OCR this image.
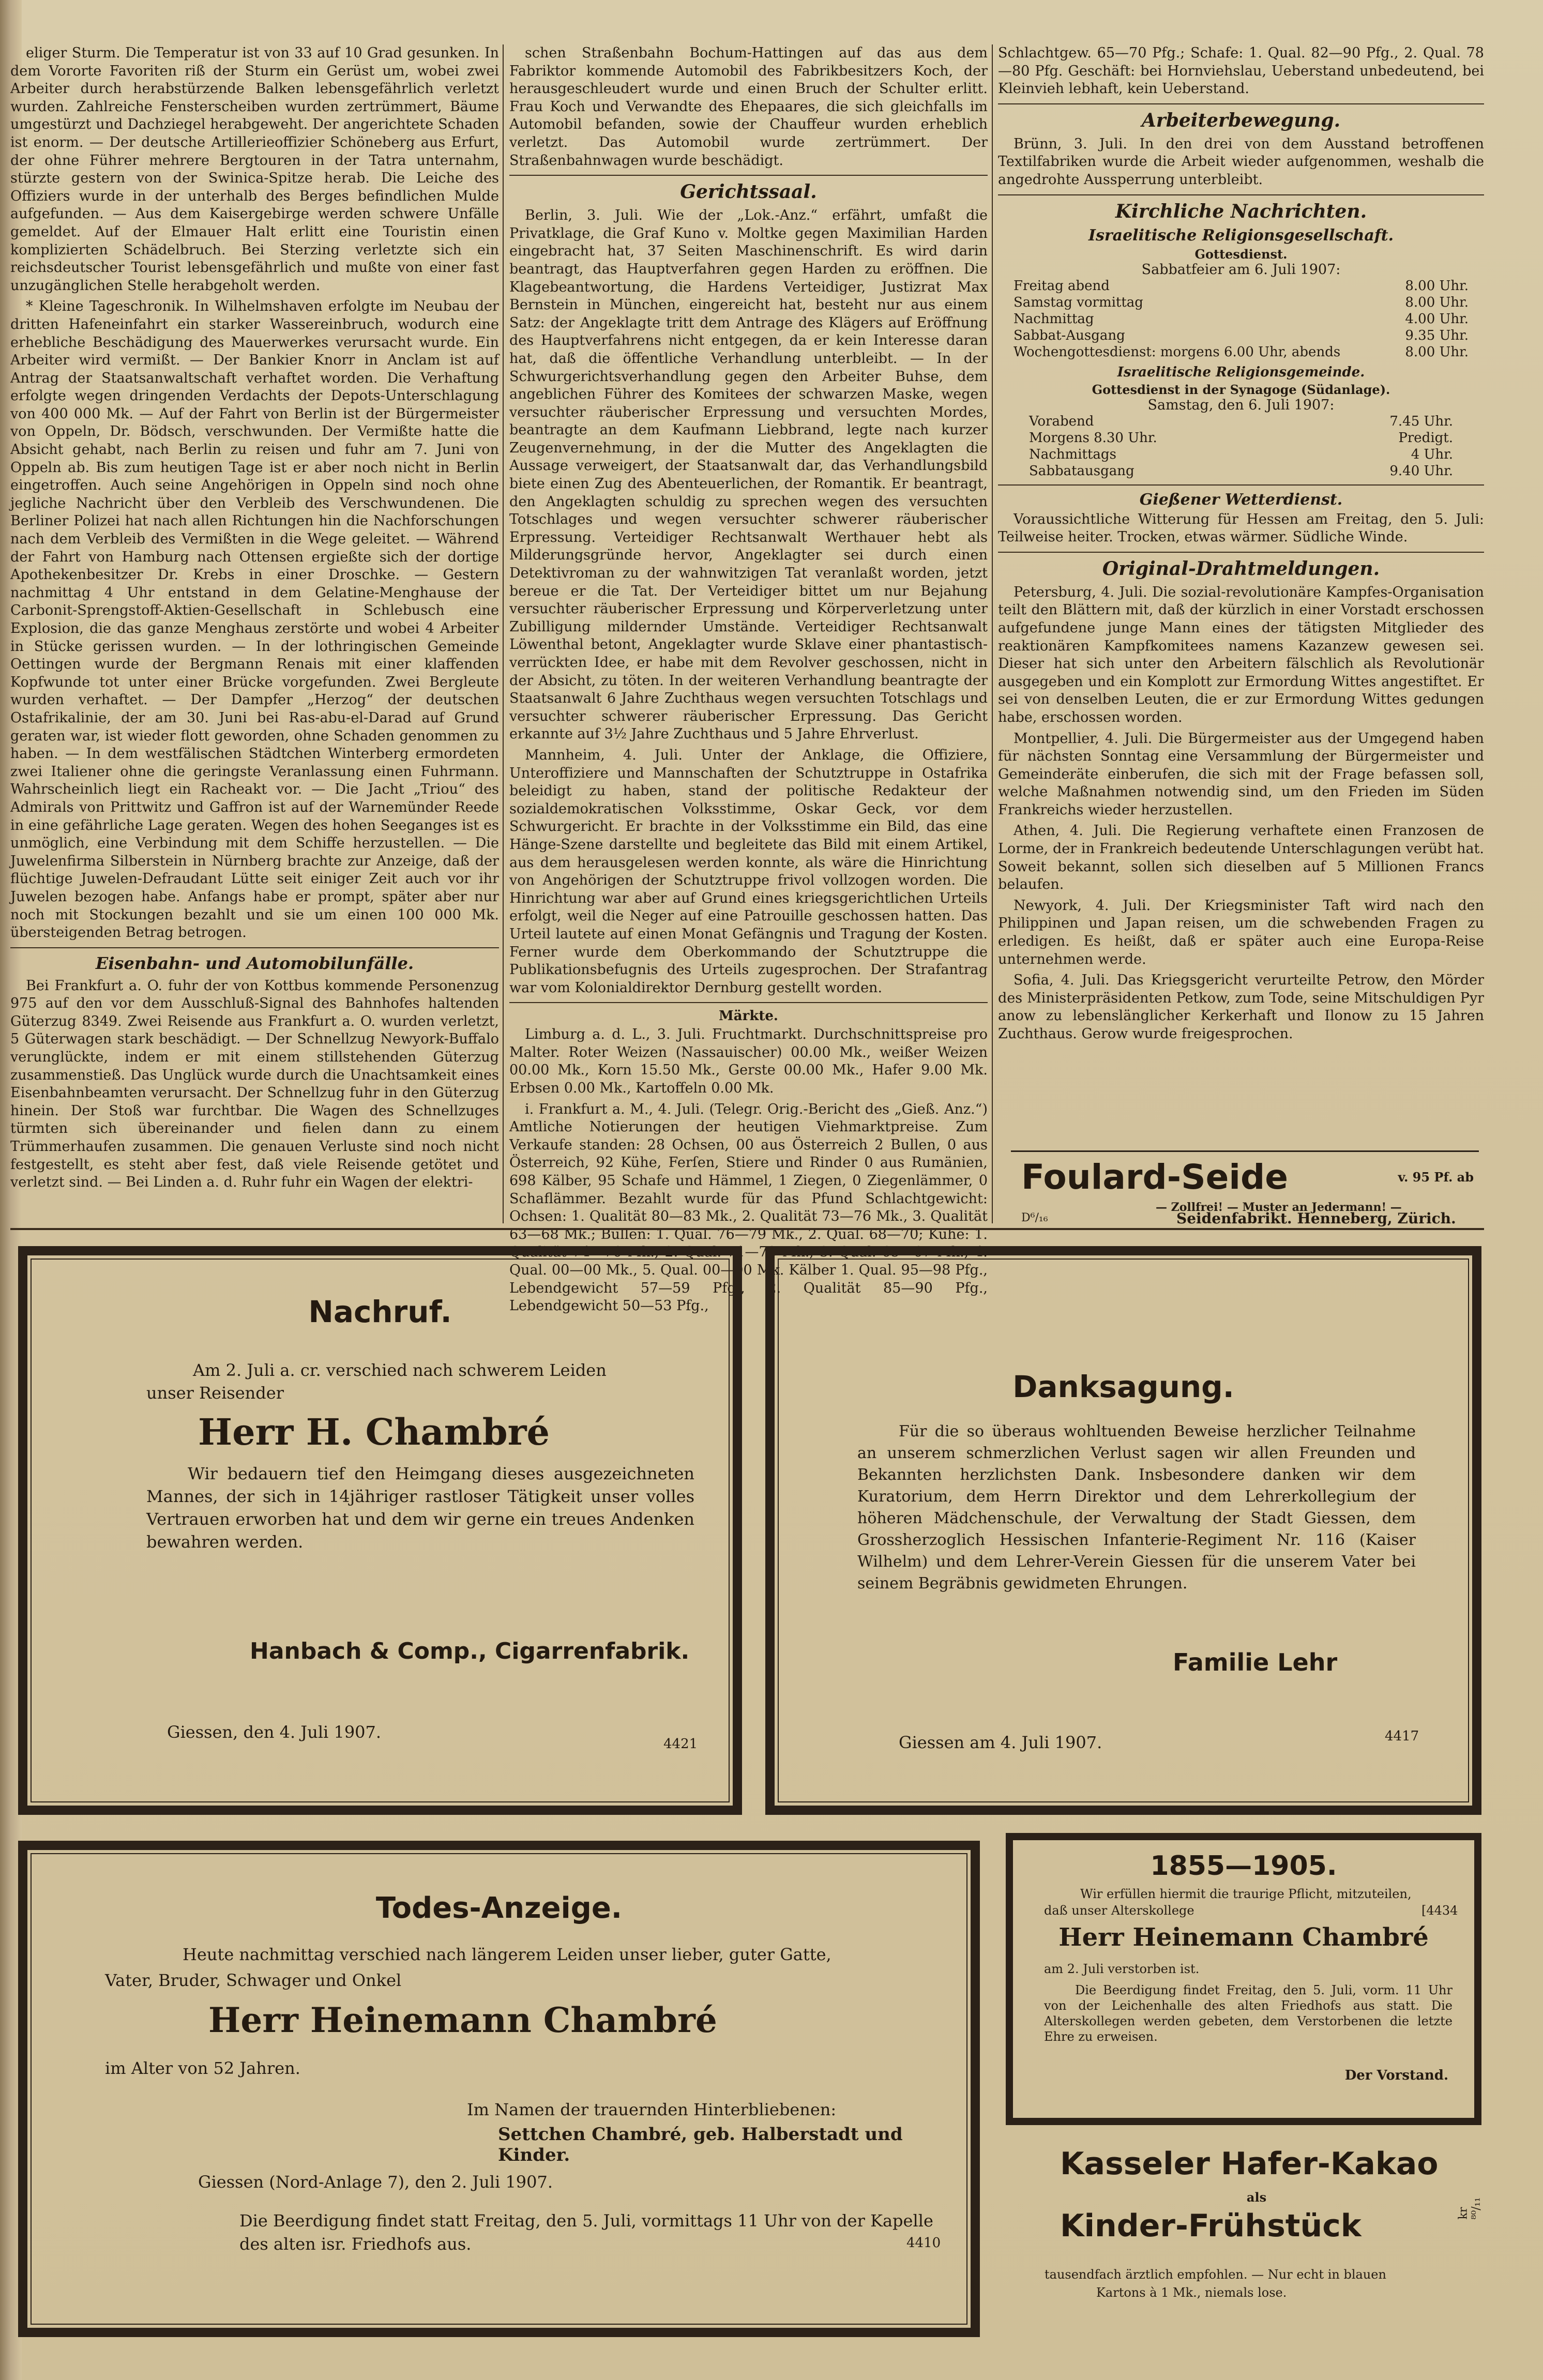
eliger Sturm. Die Temperatur ist von 33 auf 10 Grad gesunken. In dem Vororte Favoriten riß der Sturm ein Gerüst um, wobei zwei Arbeiter durch herabstürzende Balken lebensgefährlich verletzt wurden. Zahlreiche Fensterscheiben wurden zertrümmert, Bäume umgestürzt und Dachziegel herabgeweht. Der angerichtete Schaden ist enorm. — Der deutsche Artillerieoffizier Schöneberg aus Erfurt, der ohne Führer mehrere Bergtouren in der Tatra unternahm, stürzte gestern von der Swinica-Spitze herab. Die Leiche des Offiziers wurde in der unterhalb des Berges befindlichen Mulde aufgefunden. — Aus dem Kaisergebirge werden schwere Unfälle gemeldet. Auf der Elmauer Halt erlitt eine Touristin einen komplizierten Schädelbruch. Bei Sterzing verletzte sich ein reichsdeutscher Tourist lebensgefährlich und mußte von einer fast unzugänglichen Stelle herabgeholt werden.

* Kleine Tageschronik. In Wilhelmshaven erfolgte im Neubau der dritten Hafeneinfahrt ein starker Wassereinbruch, wodurch eine erhebliche Beschädigung des Mauerwerkes verursacht wurde. Ein Arbeiter wird vermißt. — Der Bankier Knorr in Anclam ist auf Antrag der Staatsanwaltschaft verhaftet worden. Die Verhaftung erfolgte wegen dringenden Verdachts der Depots-Unterschlagung von 400 000 Mk. — Auf der Fahrt von Berlin ist der Bürgermeister von Oppeln, Dr. Bödsch, verschwunden. Der Vermißte hatte die Absicht gehabt, nach Berlin zu reisen und fuhr am 7. Juni von Oppeln ab. Bis zum heutigen Tage ist er aber noch nicht in Berlin eingetroffen. Auch seine Angehörigen in Oppeln sind noch ohne jegliche Nachricht über den Verbleib des Verschwundenen. Die Berliner Polizei hat nach allen Richtungen hin die Nachforschungen nach dem Verbleib des Vermißten in die Wege geleitet. — Während der Fahrt von Hamburg nach Ottensen ergießte sich der dortige Apothekenbesitzer Dr. Krebs in einer Droschke. — Gestern nachmittag 4 Uhr entstand in dem Gelatine-Menghause der Carbonit-Sprengstoff-Aktien-Gesellschaft in Schlebusch eine Explosion, die das ganze Menghaus zerstörte und wobei 4 Arbeiter in Stücke gerissen wurden. — In der lothringischen Gemeinde Oettingen wurde der Bergmann Renais mit einer klaffenden Kopfwunde tot unter einer Brücke vorgefunden. Zwei Bergleute wurden verhaftet. — Der Dampfer „Herzog“ der deutschen Ostafrikalinie, der am 30. Juni bei Ras-abu-el-Darad auf Grund geraten war, ist wieder flott geworden, ohne Schaden genommen zu haben. — In dem westfälischen Städtchen Winterberg ermordeten zwei Italiener ohne die geringste Veranlassung einen Fuhrmann. Wahrscheinlich liegt ein Racheakt vor. — Die Jacht „Triou“ des Admirals von Prittwitz und Gaffron ist auf der Warnemünder Reede in eine gefährliche Lage geraten. Wegen des hohen Seeganges ist es unmöglich, eine Verbindung mit dem Schiffe herzustellen. — Die Juwelenfirma Silberstein in Nürnberg brachte zur Anzeige, daß der flüchtige Juwelen-Defraudant Lütte seit einiger Zeit auch vor ihr Juwelen bezogen habe. Anfangs habe er prompt, später aber nur noch mit Stockungen bezahlt und sie um einen 100 000 Mk. übersteigenden Betrag betrogen.

Eisenbahn- und Automobilunfälle.

Bei Frankfurt a. O. fuhr der von Kottbus kommende Personenzug 975 auf den vor dem Ausschluß-Signal des Bahnhofes haltenden Güterzug 8349. Zwei Reisende aus Frankfurt a. O. wurden verletzt, 5 Güterwagen stark beschädigt. — Der Schnellzug Newyork-Buffalo verunglückte, indem er mit einem stillstehenden Güterzug zusammenstieß. Das Unglück wurde durch die Unachtsamkeit eines Eisenbahnbeamten verursacht. Der Schnellzug fuhr in den Güterzug hinein. Der Stoß war furchtbar. Die Wagen des Schnellzuges türmten sich übereinander und fielen dann zu einem Trümmerhaufen zusammen. Die genauen Verluste sind noch nicht festgestellt, es steht aber fest, daß viele Reisende getötet und verletzt sind. — Bei Linden a. d. Ruhr fuhr ein Wagen der elektri-

schen Straßenbahn Bochum-Hattingen auf das aus dem Fabriktor kommende Automobil des Fabrikbesitzers Koch, der herausgeschleudert wurde und einen Bruch der Schulter erlitt. Frau Koch und Verwandte des Ehepaares, die sich gleichfalls im Automobil befanden, sowie der Chauffeur wurden erheblich verletzt. Das Automobil wurde zertrümmert. Der Straßenbahnwagen wurde beschädigt.

Gerichtssaal.

Berlin, 3. Juli. Wie der „Lok.-Anz.“ erfährt, umfaßt die Privatklage, die Graf Kuno v. Moltke gegen Maximilian Harden eingebracht hat, 37 Seiten Maschinenschrift. Es wird darin beantragt, das Hauptverfahren gegen Harden zu eröffnen. Die Klagebeantwortung, die Hardens Verteidiger, Justizrat Max Bernstein in München, eingereicht hat, besteht nur aus einem Satz: der Angeklagte tritt dem Antrage des Klägers auf Eröffnung des Hauptverfahrens nicht entgegen, da er kein Interesse daran hat, daß die öffentliche Verhandlung unterbleibt. — In der Schwurgerichtsverhandlung gegen den Arbeiter Buhse, dem angeblichen Führer des Komitees der schwarzen Maske, wegen versuchter räuberischer Erpressung und versuchten Mordes, beantragte an dem Kaufmann Liebbrand, legte nach kurzer Zeugenvernehmung, in der die Mutter des Angeklagten die Aussage verweigert, der Staatsanwalt dar, das Verhandlungsbild biete einen Zug des Abenteuerlichen, der Romantik. Er beantragt, den Angeklagten schuldig zu sprechen wegen des versuchten Totschlages und wegen versuchter schwerer räuberischer Erpressung. Verteidiger Rechtsanwalt Werthauer hebt als Milderungsgründe hervor, Angeklagter sei durch einen Detektivroman zu der wahnwitzigen Tat veranlaßt worden, jetzt bereue er die Tat. Der Verteidiger bittet um nur Bejahung versuchter räuberischer Erpressung und Körperverletzung unter Zubilligung mildernder Umstände. Verteidiger Rechtsanwalt Löwenthal betont, Angeklagter wurde Sklave einer phantastisch-verrückten Idee, er habe mit dem Revolver geschossen, nicht in der Absicht, zu töten. In der weiteren Verhandlung beantragte der Staatsanwalt 6 Jahre Zuchthaus wegen versuchten Totschlags und versuchter schwerer räuberischer Erpressung. Das Gericht erkannte auf 3½ Jahre Zuchthaus und 5 Jahre Ehrverlust.

Mannheim, 4. Juli. Unter der Anklage, die Offiziere, Unteroffiziere und Mannschaften der Schutztruppe in Ostafrika beleidigt zu haben, stand der politische Redakteur der sozialdemokratischen Volksstimme, Oskar Geck, vor dem Schwurgericht. Er brachte in der Volksstimme ein Bild, das eine Hänge-Szene darstellte und begleitete das Bild mit einem Artikel, aus dem herausgelesen werden konnte, als wäre die Hinrichtung von Angehörigen der Schutztruppe frivol vollzogen worden. Die Hinrichtung war aber auf Grund eines kriegsgerichtlichen Urteils erfolgt, weil die Neger auf eine Patrouille geschossen hatten. Das Urteil lautete auf einen Monat Gefängnis und Tragung der Kosten. Ferner wurde dem Oberkommando der Schutztruppe die Publikationsbefugnis des Urteils zugesprochen. Der Strafantrag war vom Kolonialdirektor Dernburg gestellt worden.

Märkte.

Limburg a. d. L., 3. Juli. Fruchtmarkt. Durchschnittspreise pro Malter. Roter Weizen (Nassauischer) 00.00 Mk., weißer Weizen 00.00 Mk., Korn 15.50 Mk., Gerste 00.00 Mk., Hafer 9.00 Mk. Erbsen 0.00 Mk., Kartoffeln 0.00 Mk.

i. Frankfurt a. M., 4. Juli. (Telegr. Orig.-Bericht des „Gieß. Anz.“) Amtliche Notierungen der heutigen Viehmarktpreise. Zum Verkaufe standen: 28 Ochsen, 00 aus Österreich 2 Bullen, 0 aus Österreich, 92 Kühe, Ferſen, Stiere und Rinder 0 aus Rumänien, 698 Kälber, 95 Schafe und Hämmel, 1 Ziegen, 0 Ziegenlämmer, 0 Schaflämmer. Bezahlt wurde für das Pfund Schlachtgewicht: Ochsen: 1. Qualität 80—83 Mk., 2. Qualität 73—76 Mk., 3. Qualität 63—68 Mk.; Bullen: 1. Qual. 76—79 Mk., 2. Qual. 68—70; Kühe: 1. Qualität 74—76 Mk., 2. Qual. 71—73 Mk., 3. Qual. 65—67 Mk., 4. Qual. 00—00 Mk., 5. Qual. 00—00 Mk. Kälber 1. Qual. 95—98 Pfg., Lebendgewicht 57—59 Pfg., 2. Qualität 85—90 Pfg., Lebendgewicht 50—53 Pfg.,

Schlachtgew. 65—70 Pfg.; Schafe: 1. Qual. 82—90 Pfg., 2. Qual. 78—80 Pfg. Geschäft: bei Hornviehslau, Ueberstand unbedeutend, bei Kleinvieh lebhaft, kein Ueberstand.

Arbeiterbewegung.

Brünn, 3. Juli. In den drei von dem Ausstand betroffenen Textilfabriken wurde die Arbeit wieder aufgenommen, weshalb die angedrohte Aussperrung unterbleibt.

Kirchliche Nachrichten.
Israelitische Religionsgesellschaft.
Gottesdienst.
Sabbatfeier am 6. Juli 1907:
Freitag abend	8.00 Uhr.
Samstag vormittag	8.00 Uhr.
Nachmittag	4.00 Uhr.
Sabbat-Ausgang	9.35 Uhr.
Wochengottesdienst: morgens 6.00 Uhr, abends	8.00 Uhr.
Israelitische Religionsgemeinde.
Gottesdienst in der Synagoge (Südanlage).
Samstag, den 6. Juli 1907:
Vorabend	7.45 Uhr.
Morgens 8.30 Uhr.	Predigt.
Nachmittags	4 Uhr.
Sabbatausgang	9.40 Uhr.
Gießener Wetterdienst.

Voraussichtliche Witterung für Hessen am Freitag, den 5. Juli: Teilweise heiter. Trocken, etwas wärmer. Südliche Winde.

Original-Drahtmeldungen.

Petersburg, 4. Juli. Die sozial-revolutionäre Kampfes-Organisation teilt den Blättern mit, daß der kürzlich in einer Vorstadt erschossen aufgefundene junge Mann eines der tätigsten Mitglieder des reaktionären Kampfkomitees namens Kazanzew gewesen sei. Dieser hat sich unter den Arbeitern fälschlich als Revolutionär ausgegeben und ein Komplott zur Ermordung Wittes angestiftet. Er sei von denselben Leuten, die er zur Ermordung Wittes gedungen habe, erschossen worden.

Montpellier, 4. Juli. Die Bürgermeister aus der Umgegend haben für nächsten Sonntag eine Versammlung der Bürgermeister und Gemeinderäte einberufen, die sich mit der Frage befassen soll, welche Maßnahmen notwendig sind, um den Frieden im Süden Frankreichs wieder herzustellen.

Athen, 4. Juli. Die Regierung verhaftete einen Franzosen de Lorme, der in Frankreich bedeutende Unterschlagungen verübt hat. Soweit bekannt, sollen sich dieselben auf 5 Millionen Francs belaufen.

Newyork, 4. Juli. Der Kriegsminister Taft wird nach den Philippinen und Japan reisen, um die schwebenden Fragen zu erledigen. Es heißt, daß er später auch eine Europa-Reise unternehmen werde.

Sofia, 4. Juli. Das Kriegsgericht verurteilte Petrow, den Mörder des Ministerpräsidenten Petkow, zum Tode, seine Mitschuldigen Pyr anow zu lebenslänglicher Kerkerhaft und Ilonow zu 15 Jahren Zuchthaus. Gerow wurde freigesprochen.

Foulard-Seide	v. 95 Pf. ab
— Zollfrei! — Muster an Jedermann! —
D⁶/₁₆	Seidenfabrikt. Henneberg, Zürich.
Nachruf.
Am 2. Juli a. cr. verschied nach schwerem Leiden
unser Reisender
Herr H. Chambré
Wir bedauern tief den Heimgang dieses ausgezeichneten Mannes, der sich in 14jähriger rastloser Tätigkeit unser volles Vertrauen erworben hat und dem wir gerne ein treues Andenken bewahren werden.
Hanbach & Comp., Cigarrenfabrik.
Giessen, den 4. Juli 1907.
4421
Danksagung.
Für die so überaus wohltuenden Beweise herzlicher Teilnahme an unserem schmerzlichen Verlust sagen wir allen Freunden und Bekannten herzlichsten Dank. Insbesondere danken wir dem Kuratorium, dem Herrn Direktor und dem Lehrerkollegium der höheren Mädchenschule, der Verwaltung der Stadt Giessen, dem Grossherzoglich Hessischen Infanterie-Regiment Nr. 116 (Kaiser Wilhelm) und dem Lehrer-Verein Giessen für die unserem Vater bei seinem Begräbnis gewidmeten Ehrungen.
Familie Lehr
Giessen am 4. Juli 1907.	4417
Todes-Anzeige.
Heute nachmittag verschied nach längerem Leiden unser lieber, guter Gatte,
Vater, Bruder, Schwager und Onkel
Herr Heinemann Chambré
im Alter von 52 Jahren.
Im Namen der trauernden Hinterbliebenen:
Settchen Chambré, geb. Halberstadt und Kinder.
Giessen (Nord-Anlage 7), den 2. Juli 1907.
Die Beerdigung findet statt Freitag, den 5. Juli, vormittags 11 Uhr von der Kapelle
des alten isr. Friedhofs aus.	4410
1855—1905.
Wir erfüllen hiermit die traurige Pflicht, mitzuteilen,
daß unser Alterskollege	[4434
Herr Heinemann Chambré
am 2. Juli verstorben ist.
Die Beerdigung findet Freitag, den 5. Juli, vorm. 11 Uhr von der Leichenhalle des alten Friedhofs aus statt. Die Alterskollegen werden gebeten, dem Verstorbenen die letzte Ehre zu erweisen.
Der Vorstand.
Kasseler Hafer-Kakao
als
Kinder-Frühstück
tausendfach ärztlich empfohlen. — Nur echt in blauen
Kartons à 1 Mk., niemals lose.
kr ⁸⁰/₁₁
